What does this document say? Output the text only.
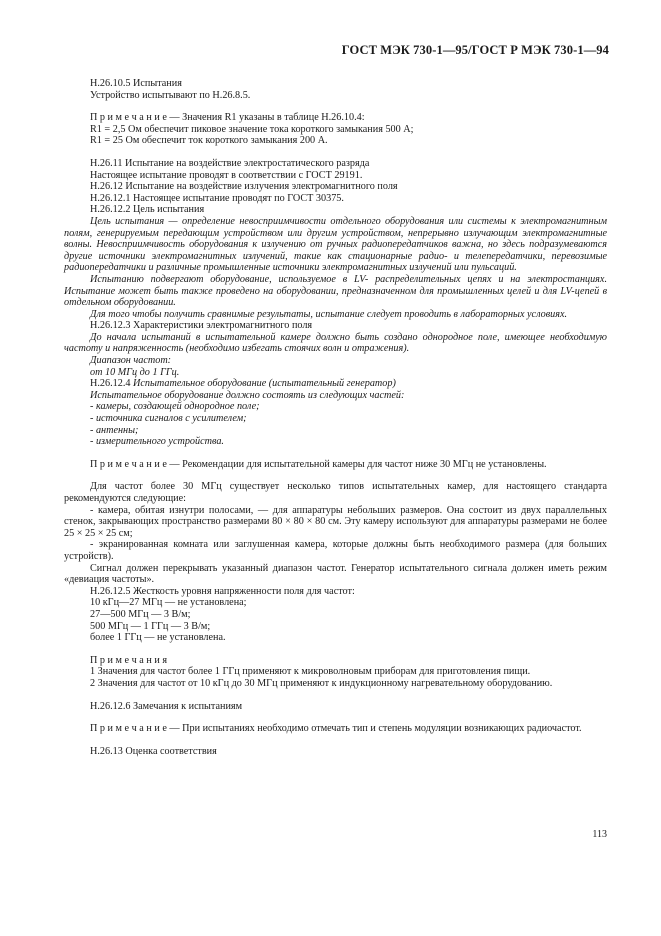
ГОСТ МЭК 730-1—95/ГОСТ Р МЭК 730-1—94
Н.26.10.5 Испытания
Устройство испытывают по Н.26.8.5.
П р и м е ч а н и е — Значения R1 указаны в таблице Н.26.10.4:
R1 = 2,5 Ом обеспечит пиковое значение тока короткого замыкания 500 А;
R1 = 25 Ом обеспечит ток короткого замыкания 200 А.
Н.26.11 Испытание на воздействие электростатического разряда
Настоящее испытание проводят в соответствии с ГОСТ 29191.
Н.26.12 Испытание на воздействие излучения электромагнитного поля
Н.26.12.1 Настоящее испытание проводят по ГОСТ 30375.
Н.26.12.2 Цель испытания
Цель испытания — определение невосприимчивости отдельного оборудования или системы к электромагнитным полям, генерируемым передающим устройством или другим устройством, непрерывно излучающим электромагнитные волны. Невосприимчивость оборудования к излучению от ручных радиопередатчиков важна, но здесь подразумеваются другие источники электромагнитных излучений, такие как стационарные радио- и телепередатчики, перевозимые радиопередатчики и различные промышленные источники электромагнитных излучений или пульсаций.
Испытанию подвергают оборудование, используемое в LV- распределительных цепях и на электростанциях. Испытание может быть также проведено на оборудовании, предназначенном для промышленных целей и для LV-цепей в отдельном оборудовании.
Для того чтобы получить сравнимые результаты, испытание следует проводить в лабораторных условиях.
Н.26.12.3 Характеристики электромагнитного поля
До начала испытаний в испытательной камере должно быть создано однородное поле, имеющее необходимую частоту и напряженность (необходимо избегать стоячих волн и отражения).
Диапазон частот:
от 10 МГц до 1 ГГц.
Н.26.12.4 Испытательное оборудование (испытательный генератор)
Испытательное оборудование должно состоять из следующих частей:
- камеры, создающей однородное поле;
- источника сигналов с усилителем;
- антенны;
- измерительного устройства.
П р и м е ч а н и е — Рекомендации для испытательной камеры для частот ниже 30 МГц не установлены.
Для частот более 30 МГц существует несколько типов испытательных камер, для настоящего стандарта рекомендуются следующие:
- камера, обитая изнутри полосами, — для аппаратуры небольших размеров. Она состоит из двух параллельных стенок, закрывающих пространство размерами 80 × 80 × 80 см. Эту камеру используют для аппаратуры размерами не более 25 × 25 × 25 см;
- экранированная комната или заглушенная камера, которые должны быть необходимого размера (для больших устройств).
Сигнал должен перекрывать указанный диапазон частот. Генератор испытательного сигнала должен иметь режим «девиация частоты».
Н.26.12.5 Жесткость уровня напряженности поля для частот:
10 кГц—27 МГц — не установлена;
27—500 МГц — 3 В/м;
500 МГц — 1 ГГц — 3 В/м;
более 1 ГГц — не установлена.
П р и м е ч а н и я
1 Значения для частот более 1 ГГц применяют к микроволновым приборам для приготовления пищи.
2 Значения для частот от 10 кГц до 30 МГц применяют к индукционному нагревательному оборудованию.
Н.26.12.6 Замечания к испытаниям
П р и м е ч а н и е — При испытаниях необходимо отмечать тип и степень модуляции возникающих радиочастот.
Н.26.13 Оценка соответствия
113
